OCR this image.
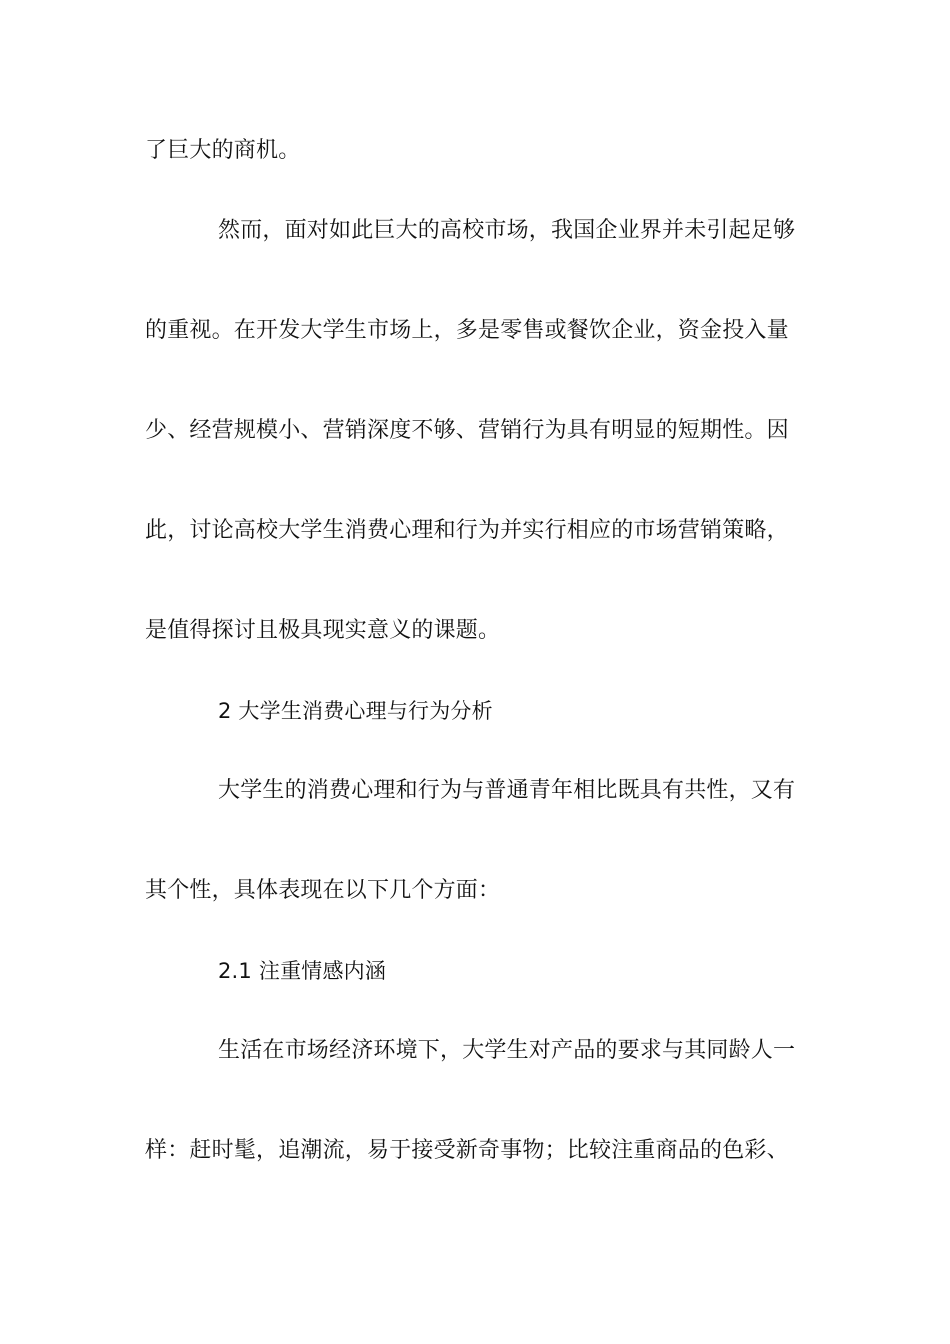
了巨大的商机。
然而，面对如此巨大的高校市场，我国企业界并未引起足够
的重视。在开发大学生市场上，多是零售或餐饮企业，资金投入量
少、经营规模小、营销深度不够、营销行为具有明显的短期性。因
此，讨论高校大学生消费心理和行为并实行相应的市场营销策略，
是值得探讨且极具现实意义的课题。
2 大学生消费心理与行为分析
大学生的消费心理和行为与普通青年相比既具有共性，又有
其个性，具体表现在以下几个方面：
2.1 注重情感内涵
生活在市场经济环境下，大学生对产品的要求与其同龄人一
样：赶时髦，追潮流，易于接受新奇事物；比较注重商品的色彩、
